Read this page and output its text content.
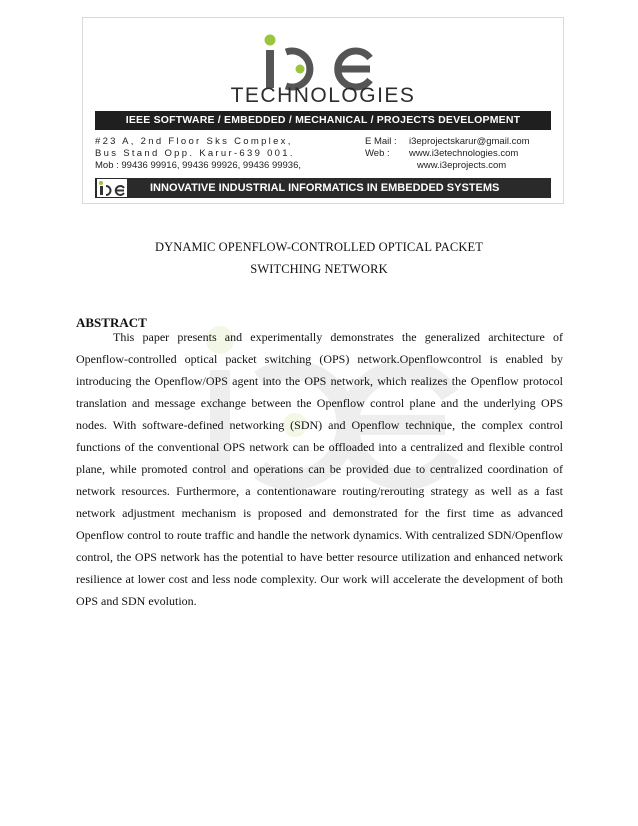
TECHNOLOGIES
IEEE SOFTWARE / EMBEDDED / MECHANICAL / PROJECTS DEVELOPMENT
#23 A, 2nd Floor Sks Complex,
Bus Stand Opp. Karur-639 001.
Mob : 99436 99916, 99436 99926, 99436 99936,
E Mail :	i3eprojectskarur@gmail.com
Web :	www.i3etechnologies.com
www.i3eprojects.com
INNOVATIVE INDUSTRIAL INFORMATICS IN EMBEDDED SYSTEMS
DYNAMIC OPENFLOW-CONTROLLED OPTICAL PACKET
SWITCHING NETWORK
ABSTRACT
This paper presents and experimentally demonstrates the generalized architecture of Openflow-controlled optical packet switching (OPS) network.Openflowcontrol is enabled by introducing the Openflow/OPS agent into the OPS network, which realizes the Openflow protocol translation and message exchange between the Openflow control plane and the underlying OPS nodes. With software-defined networking (SDN) and Openflow technique, the complex control functions of the conventional OPS network can be offloaded into a centralized and flexible control plane, while promoted control and operations can be provided due to centralized coordination of network resources. Furthermore, a contentionaware routing/rerouting strategy as well as a fast network adjustment mechanism is proposed and demonstrated for the first time as advanced Openflow control to route traffic and handle the network dynamics. With centralized SDN/Openflow control, the OPS network has the potential to have better resource utilization and enhanced network resilience at lower cost and less node complexity. Our work will accelerate the development of both OPS and SDN evolution.
